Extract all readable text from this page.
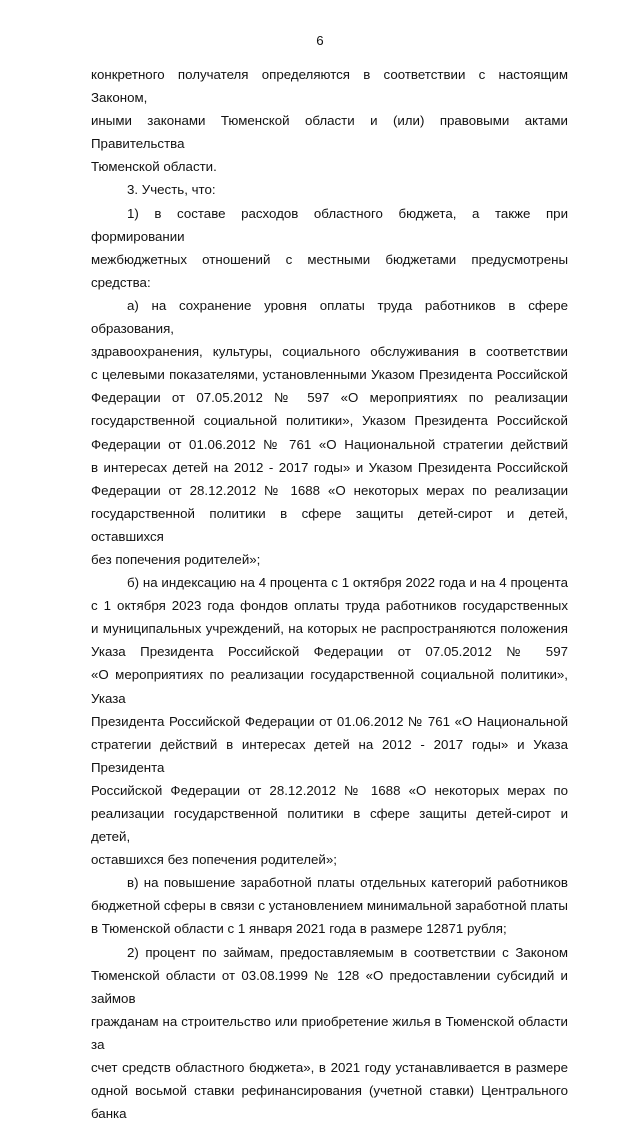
6

конкретного получателя определяются в соответствии с настоящим Законом,

иными законами Тюменской области и (или) правовыми актами Правительства

Тюменской области.

3. Учесть, что:

1) в составе расходов областного бюджета, а также при формировании

межбюджетных отношений с местными бюджетами предусмотрены средства:

а) на сохранение уровня оплаты труда работников в сфере образования,

здравоохранения, культуры, социального обслуживания в соответствии

с целевыми показателями, установленными Указом Президента Российской

Федерации от 07.05.2012 № 597 «О мероприятиях по реализации

государственной социальной политики», Указом Президента Российской

Федерации от 01.06.2012 № 761 «О Национальной стратегии действий

в интересах детей на 2012 - 2017 годы» и Указом Президента Российской

Федерации от 28.12.2012 № 1688 «О некоторых мерах по реализации

государственной политики в сфере защиты детей-сирот и детей, оставшихся

без попечения родителей»;

б) на индексацию на 4 процента с 1 октября 2022 года и на 4 процента

с 1 октября 2023 года фондов оплаты труда работников государственных

и муниципальных учреждений, на которых не распространяются положения

Указа Президента Российской Федерации от 07.05.2012 № 597

«О мероприятиях по реализации государственной социальной политики», Указа

Президента Российской Федерации от 01.06.2012 № 761 «О Национальной

стратегии действий в интересах детей на 2012 - 2017 годы» и Указа Президента

Российской Федерации от 28.12.2012 № 1688 «О некоторых мерах по

реализации государственной политики в сфере защиты детей-сирот и детей,

оставшихся без попечения родителей»;

в) на повышение заработной платы отдельных категорий работников

бюджетной сферы в связи с установлением минимальной заработной платы

в Тюменской области с 1 января 2021 года в размере 12871 рубля;

2) процент по займам, предоставляемым в соответствии с Законом

Тюменской области от 03.08.1999 № 128 «О предоставлении субсидий и займов

гражданам на строительство или приобретение жилья в Тюменской области за

счет средств областного бюджета», в 2021 году устанавливается в размере

одной восьмой ставки рефинансирования (учетной ставки) Центрального банка
